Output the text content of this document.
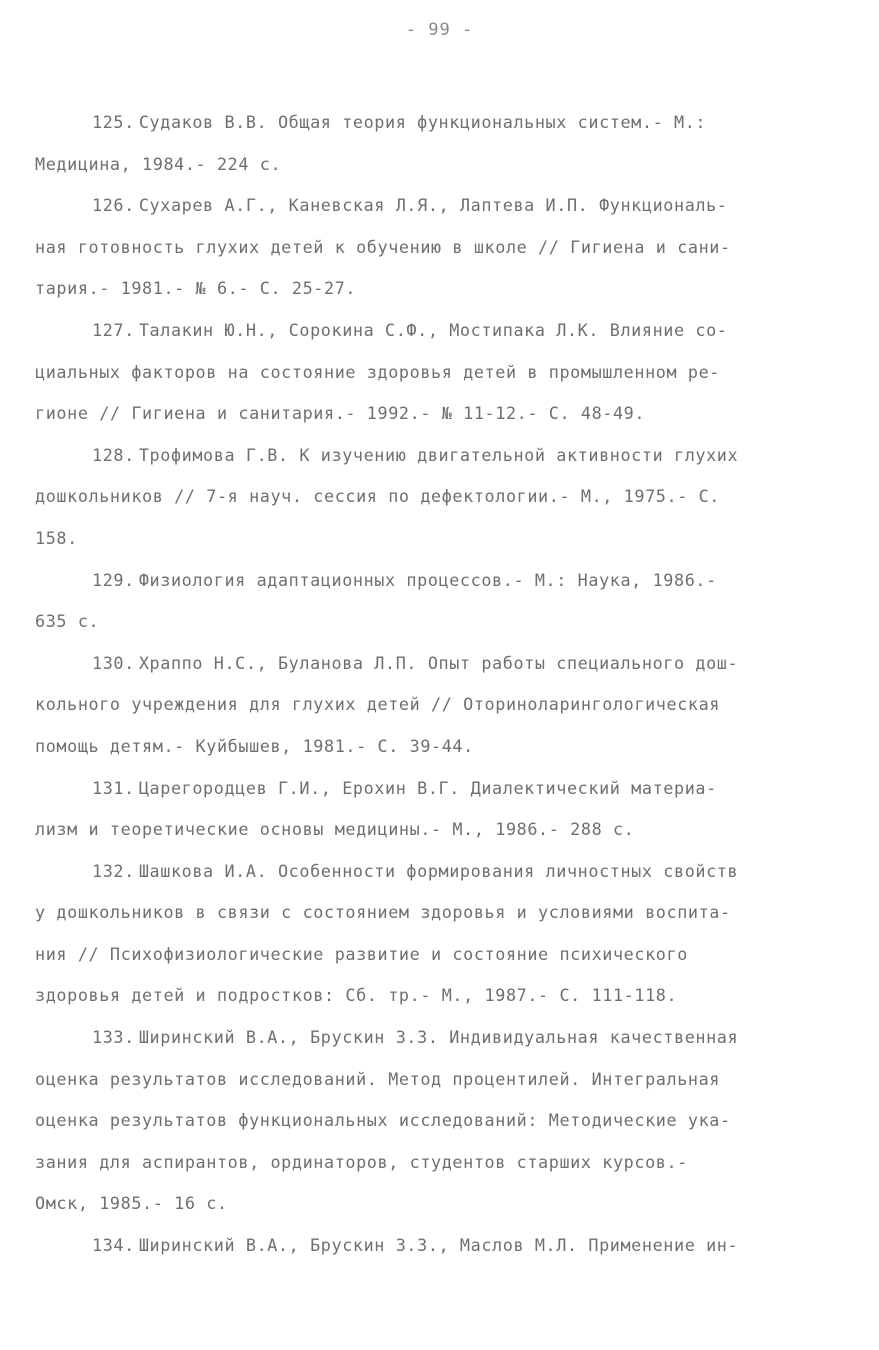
- 99 -

125. Судаков В.В. Общая теория функциональных систем.- М.:

Медицина, 1984.- 224 с.

126. Сухарев А.Г., Каневская Л.Я., Лаптева И.П. Функциональ-

ная готовность глухих детей к обучению в школе // Гигиена и сани-

тария.- 1981.- № 6.- С. 25-27.

127. Талакин Ю.Н., Сорокина С.Ф., Мостипака Л.К. Влияние со-

циальных факторов на состояние здоровья детей в промышленном ре-

гионе // Гигиена и санитария.- 1992.- № 11-12.- С. 48-49.

128. Трофимова Г.В. К изучению двигательной активности глухих

дошкольников // 7-я науч. сессия по дефектологии.- М., 1975.- С.

158.

129. Физиология адаптационных процессов.- М.: Наука, 1986.-

635 с.

130. Храппо Н.С., Буланова Л.П. Опыт работы специального дош-

кольного учреждения для глухих детей // Оториноларингологическая

помощь детям.- Куйбышев, 1981.- С. 39-44.

131. Царегородцев Г.И., Ерохин В.Г. Диалектический материа-

лизм и теоретические основы медицины.- М., 1986.- 288 с.

132. Шашкова И.А. Особенности формирования личностных свойств

у дошкольников в связи с состоянием здоровья и условиями воспита-

ния // Психофизиологические развитие и состояние психического

здоровья детей и подростков: Сб. тр.- М., 1987.- С. 111-118.

133. Ширинский В.А., Брускин З.З. Индивидуальная качественная

оценка результатов исследований. Метод процентилей. Интегральная

оценка результатов функциональных исследований: Методические ука-

зания для аспирантов, ординаторов, студентов старших курсов.-

Омск, 1985.- 16 с.

134. Ширинский В.А., Брускин З.З., Маслов М.Л. Применение ин-
